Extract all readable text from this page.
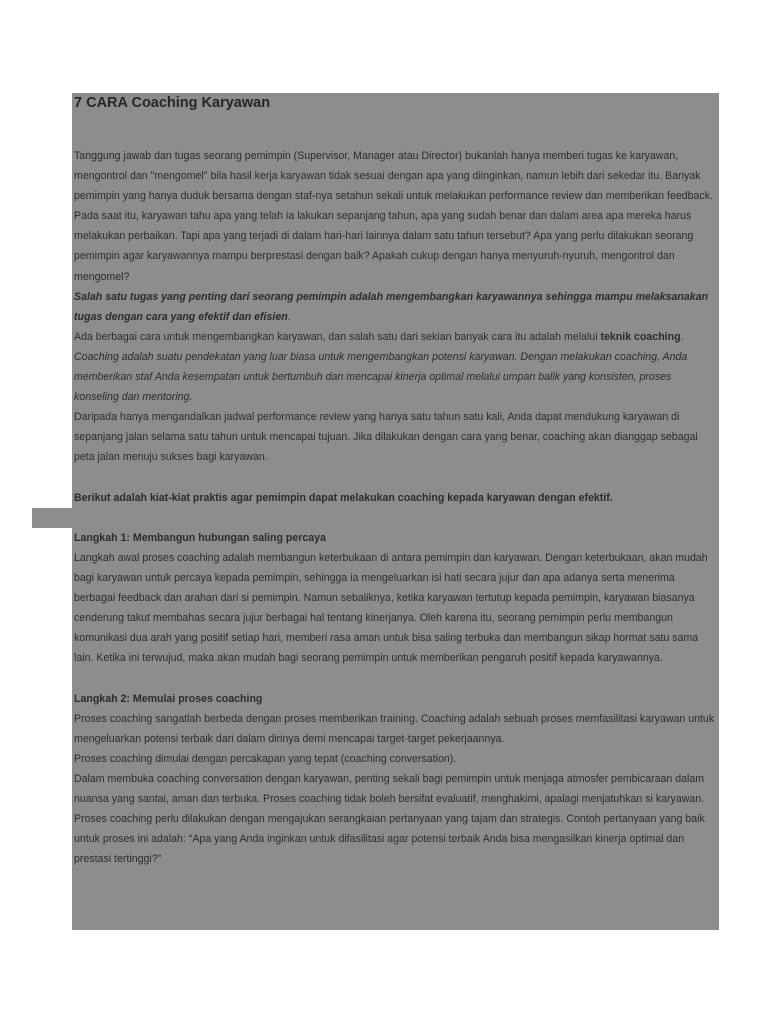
7 CARA Coaching Karyawan

Tanggung jawab dan tugas seorang pemimpin (Supervisor, Manager atau Director) bukanlah hanya memberi tugas ke karyawan, mengontrol dan "mengomel" bila hasil kerja karyawan tidak sesuai dengan apa yang diinginkan, namun lebih dari sekedar itu. Banyak pemimpin yang hanya duduk bersama dengan staf-nya setahun sekali untuk melakukan performance review dan memberikan feedback.

Pada saat itu, karyawan tahu apa yang telah ia lakukan sepanjang tahun, apa yang sudah benar dan dalam area apa mereka harus melakukan perbaikan. Tapi apa yang terjadi di dalam hari-hari lainnya dalam satu tahun tersebut? Apa yang perlu dilakukan seorang pemimpin agar karyawannya mampu berprestasi dengan baik? Apakah cukup dengan hanya menyuruh-nyuruh, mengontrol dan mengomel?

Salah satu tugas yang penting dari seorang pemimpin adalah mengembangkan karyawannya sehingga mampu melaksanakan tugas dengan cara yang efektif dan efisien.

Ada berbagai cara untuk mengembangkan karyawan, dan salah satu dari sekian banyak cara itu adalah melalui teknik coaching.

Coaching adalah suatu pendekatan yang luar biasa untuk mengembangkan potensi karyawan. Dengan melakukan coaching, Anda memberikan staf Anda kesempatan untuk bertumbuh dan mencapai kinerja optimal melalui umpan balik yang konsisten, proses konseling dan mentoring.

Daripada hanya mengandalkan jadwal performance review yang hanya satu tahun satu kali, Anda dapat mendukung karyawan di sepanjang jalan selama satu tahun untuk mencapai tujuan. Jika dilakukan dengan cara yang benar, coaching akan dianggap sebagai peta jalan menuju sukses bagi karyawan.

Berikut adalah kiat-kiat praktis agar pemimpin dapat melakukan coaching kepada karyawan dengan efektif.

Langkah 1: Membangun hubungan saling percaya

Langkah awal proses coaching adalah membangun keterbukaan di antara pemimpin dan karyawan. Dengan keterbukaan, akan mudah bagi karyawan untuk percaya kepada pemimpin, sehingga ia mengeluarkan isi hati secara jujur dan apa adanya serta menerima berbagai feedback dan arahan dari si pemimpin. Namun sebaliknya, ketika karyawan tertutup kepada pemimpin, karyawan biasanya cenderung takut membahas secara jujur berbagai hal tentang kinerjanya. Oleh karena itu, seorang pemimpin perlu membangun komunikasi dua arah yang positif setiap hari, memberi rasa aman untuk bisa saling terbuka dan membangun sikap hormat satu sama lain. Ketika ini terwujud, maka akan mudah bagi seorang pemimpin untuk memberikan pengaruh positif kepada karyawannya.

Langkah 2: Memulai proses coaching

Proses coaching sangatlah berbeda dengan proses memberikan training. Coaching adalah sebuah proses memfasilitasi karyawan untuk mengeluarkan potensi terbaik dari dalam dirinya demi mencapai target-target pekerjaannya.

Proses coaching dimulai dengan percakapan yang tepat (coaching conversation).

Dalam membuka coaching conversation dengan karyawan, penting sekali bagi pemimpin untuk menjaga atmosfer pembicaraan dalam nuansa yang santai, aman dan terbuka. Proses coaching tidak boleh bersifat evaluatif, menghakimi, apalagi menjatuhkan si karyawan. Proses coaching perlu dilakukan dengan mengajukan serangkaian pertanyaan yang tajam dan strategis. Contoh pertanyaan yang baik untuk proses ini adalah: “Apa yang Anda inginkan untuk difasilitasi agar potensi terbaik Anda bisa mengasilkan kinerja optimal dan prestasi tertinggi?”
